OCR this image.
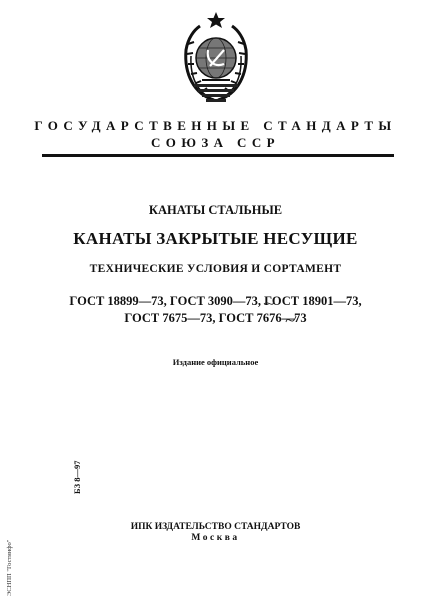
ГОСУДАРСТВЕННЫЕ СТАНДАРТЫ
СОЮЗА ССР
КАНАТЫ СТАЛЬНЫЕ
КАНАТЫ ЗАКРЫТЫЕ НЕСУЩИЕ
ТЕХНИЧЕСКИЕ УСЛОВИЯ И СОРТАМЕНТ
ГОСТ 18899—73, ГОСТ 3090—73, ГОСТ 18901—73,
ГОСТ 7675—73, ГОСТ 7676—73
Издание официальное
БЗ 8—97
ЭСНПП "Гостинфо"
ИПК ИЗДАТЕЛЬСТВО СТАНДАРТОВ
Москва
